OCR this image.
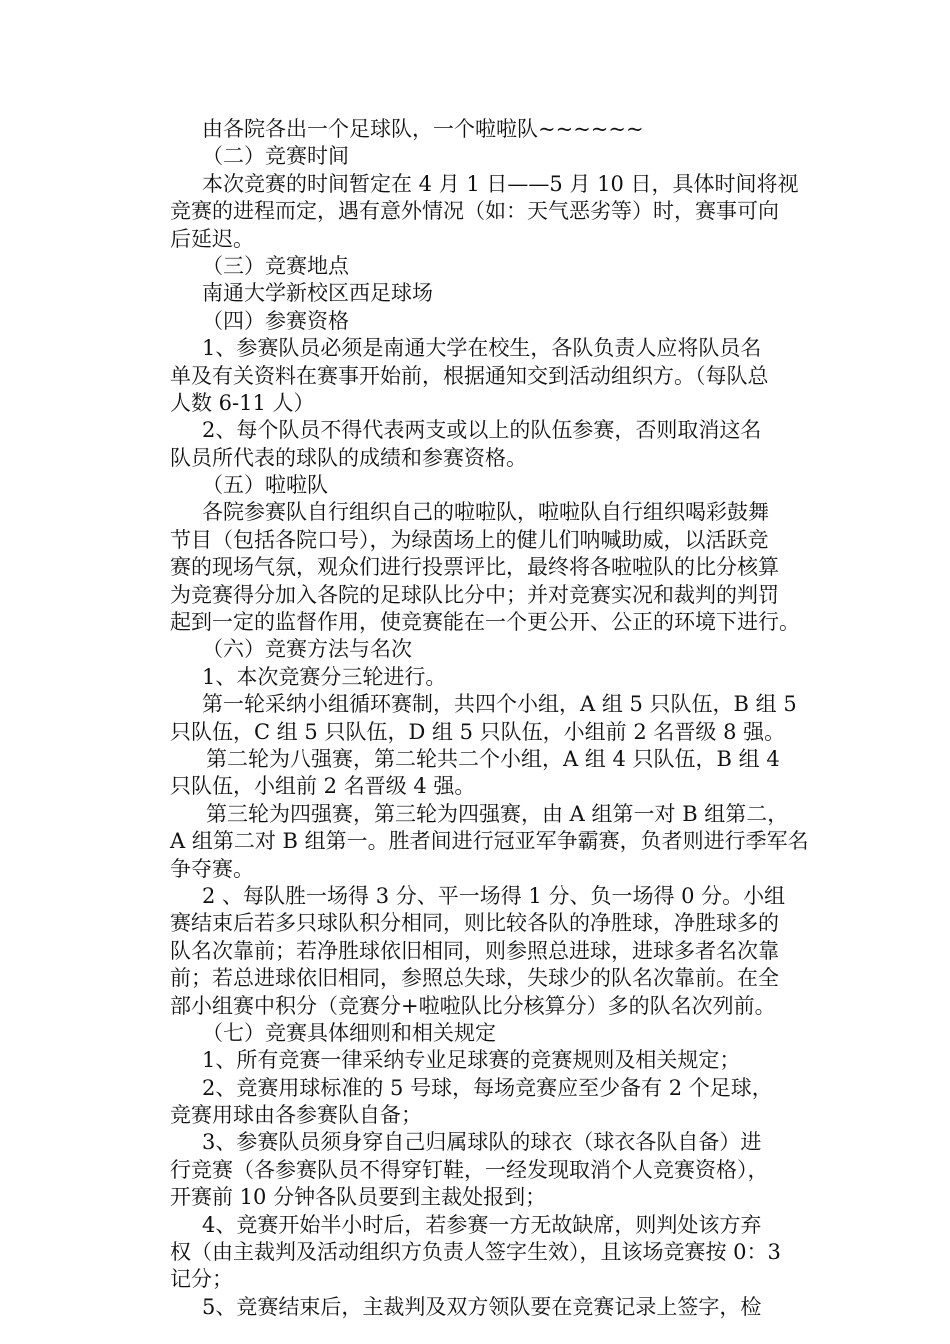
由各院各出一个足球队，一个啦啦队~~~~~~
（二）竞赛时间
本次竞赛的时间暂定在 4 月 1 日——5 月 10 日，具体时间将视
竞赛的进程而定，遇有意外情况（如：天气恶劣等）时，赛事可向
后延迟。
（三）竞赛地点
南通大学新校区西足球场
（四）参赛资格
1、参赛队员必须是南通大学在校生，各队负责人应将队员名
单及有关资料在赛事开始前，根据通知交到活动组织方。（每队总
人数 6-11 人）
2、每个队员不得代表两支或以上的队伍参赛，否则取消这名
队员所代表的球队的成绩和参赛资格。
（五）啦啦队
各院参赛队自行组织自己的啦啦队，啦啦队自行组织喝彩鼓舞
节目（包括各院口号），为绿茵场上的健儿们呐喊助威，以活跃竞
赛的现场气氛，观众们进行投票评比，最终将各啦啦队的比分核算
为竞赛得分加入各院的足球队比分中；并对竞赛实况和裁判的判罚
起到一定的监督作用，使竞赛能在一个更公开、公正的环境下进行。
（六）竞赛方法与名次
1、本次竞赛分三轮进行。
第一轮采纳小组循环赛制，共四个小组，A 组 5 只队伍，B 组 5
只队伍，C 组 5 只队伍，D 组 5 只队伍，小组前 2 名晋级 8 强。
第二轮为八强赛，第二轮共二个小组，A 组 4 只队伍，B 组 4
只队伍，小组前 2 名晋级 4 强。
第三轮为四强赛，第三轮为四强赛，由 A 组第一对 B 组第二，
A 组第二对 B 组第一。胜者间进行冠亚军争霸赛，负者则进行季军名
争夺赛。
2 、每队胜一场得 3 分、平一场得 1 分、负一场得 0 分。小组
赛结束后若多只球队积分相同，则比较各队的净胜球，净胜球多的
队名次靠前；若净胜球依旧相同，则参照总进球，进球多者名次靠
前；若总进球依旧相同，参照总失球，失球少的队名次靠前。在全
部小组赛中积分（竞赛分+啦啦队比分核算分）多的队名次列前。
（七）竞赛具体细则和相关规定
1、所有竞赛一律采纳专业足球赛的竞赛规则及相关规定；
2、竞赛用球标准的 5 号球，每场竞赛应至少备有 2 个足球，
竞赛用球由各参赛队自备；
3、参赛队员须身穿自己归属球队的球衣（球衣各队自备）进
行竞赛（各参赛队员不得穿钉鞋，一经发现取消个人竞赛资格），
开赛前 10 分钟各队员要到主裁处报到；
4、竞赛开始半小时后，若参赛一方无故缺席，则判处该方弃
权（由主裁判及活动组织方负责人签字生效），且该场竞赛按 0：3
记分；
5、竞赛结束后，主裁判及双方领队要在竞赛记录上签字，检
